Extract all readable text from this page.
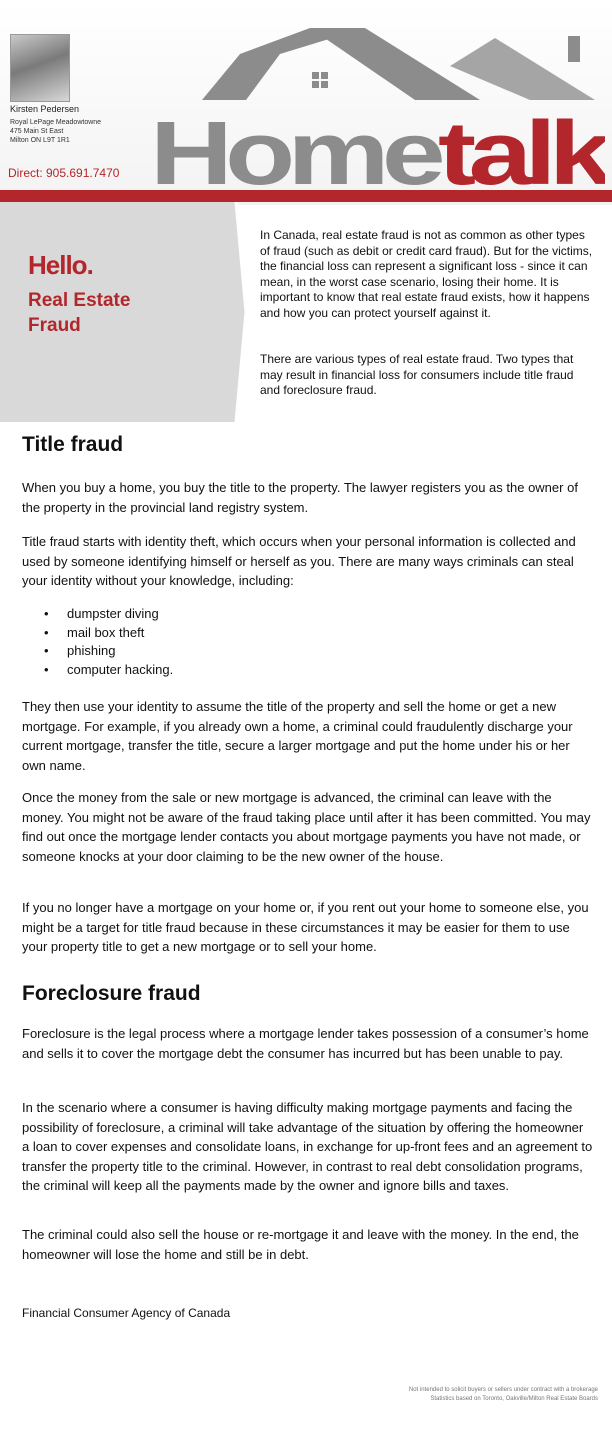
Kirsten Pedersen
Royal LePage Meadowtowne
475 Main St East
Milton ON L9T 1R1
Direct: 905.691.7470 Home talk
Hello.
Real Estate Fraud

In Canada, real estate fraud is not as common as other types of fraud (such as debit or credit card fraud). But for the victims, the financial loss can represent a significant loss - since it can mean, in the worst case scenario, losing their home. It is important to know that real estate fraud exists, how it happens and how you can protect yourself against it.

There are various types of real estate fraud. Two types that may result in financial loss for consumers include title fraud and foreclosure fraud.

Title fraud

When you buy a home, you buy the title to the property. The lawyer registers you as the owner of the property in the provincial land registry system.

Title fraud starts with identity theft, which occurs when your personal information is collected and used by someone identifying himself or herself as you. There are many ways criminals can steal your identity without your knowledge, including:

• dumpster diving
• mail box theft
• phishing
• computer hacking.

They then use your identity to assume the title of the property and sell the home or get a new mortgage. For example, if you already own a home, a criminal could fraudulently discharge your current mortgage, transfer the title, secure a larger mortgage and put the home under his or her own name.

Once the money from the sale or new mortgage is advanced, the criminal can leave with the money. You might not be aware of the fraud taking place until after it has been committed. You may find out once the mortgage lender contacts you about mortgage payments you have not made, or someone knocks at your door claiming to be the new owner of the house.

If you no longer have a mortgage on your home or, if you rent out your home to someone else, you might be a target for title fraud because in these circumstances it may be easier for them to use your property title to get a new mortgage or to sell your home.

Foreclosure fraud

Foreclosure is the legal process where a mortgage lender takes possession of a consumer’s home and sells it to cover the mortgage debt the consumer has incurred but has been unable to pay.

In the scenario where a consumer is having difficulty making mortgage payments and facing the possibility of foreclosure, a criminal will take advantage of the situation by offering the homeowner a loan to cover expenses and consolidate loans, in exchange for up-front fees and an agreement to transfer the property title to the criminal. However, in contrast to real debt consolidation programs, the criminal will keep all the payments made by the owner and ignore bills and taxes.

The criminal could also sell the house or re-mortgage it and leave with the money. In the end, the homeowner will lose the home and still be in debt.

Financial Consumer Agency of Canada
Not intended to solicit buyers or sellers under contract with a brokerage
Statistics based on Toronto, Oakville/Milton Real Estate Boards
